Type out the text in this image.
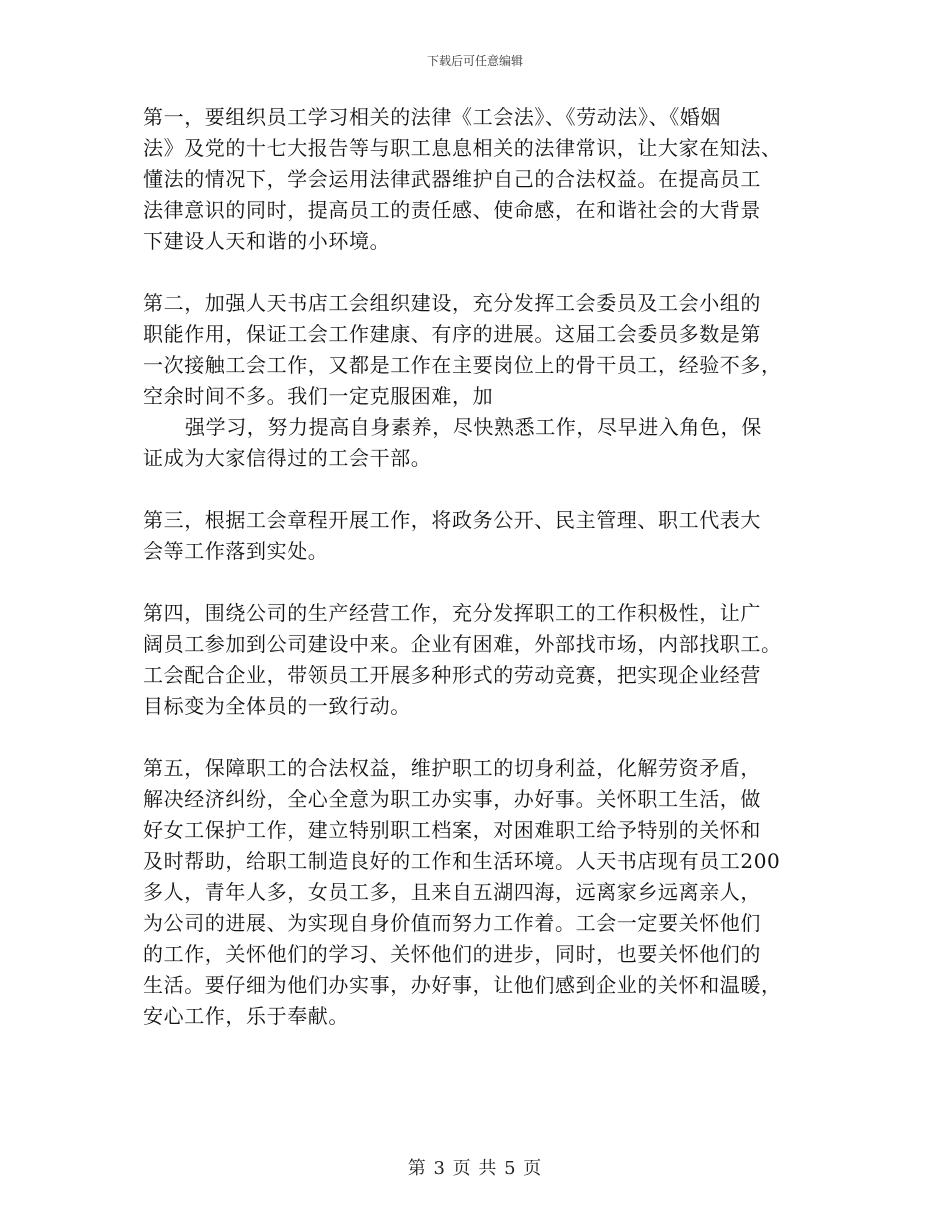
下载后可任意编辑

第一，要组织员工学习相关的法律《工会法》、《劳动法》、《婚姻
法》及党的十七大报告等与职工息息相关的法律常识，让大家在知法、
懂法的情况下，学会运用法律武器维护自己的合法权益。在提高员工
法律意识的同时，提高员工的责任感、使命感，在和谐社会的大背景
下建设人天和谐的小环境。

第二，加强人天书店工会组织建设，充分发挥工会委员及工会小组的
职能作用，保证工会工作建康、有序的进展。这届工会委员多数是第
一次接触工会工作，又都是工作在主要岗位上的骨干员工，经验不多，
空余时间不多。我们一定克服困难，加
强学习，努力提高自身素养，尽快熟悉工作，尽早进入角色，保
证成为大家信得过的工会干部。

第三，根据工会章程开展工作，将政务公开、民主管理、职工代表大
会等工作落到实处。

第四，围绕公司的生产经营工作，充分发挥职工的工作积极性，让广
阔员工参加到公司建设中来。企业有困难，外部找市场，内部找职工。
工会配合企业，带领员工开展多种形式的劳动竞赛，把实现企业经营
目标变为全体员的一致行动。

第五，保障职工的合法权益，维护职工的切身利益，化解劳资矛盾，
解决经济纠纷，全心全意为职工办实事，办好事。关怀职工生活，做
好女工保护工作，建立特别职工档案，对困难职工给予特别的关怀和
及时帮助，给职工制造良好的工作和生活环境。人天书店现有员工200
多人，青年人多，女员工多，且来自五湖四海，远离家乡远离亲人，
为公司的进展、为实现自身价值而努力工作着。工会一定要关怀他们
的工作，关怀他们的学习、关怀他们的进步，同时，也要关怀他们的
生活。要仔细为他们办实事，办好事，让他们感到企业的关怀和温暖，
安心工作，乐于奉献。

第 3 页 共 5 页
